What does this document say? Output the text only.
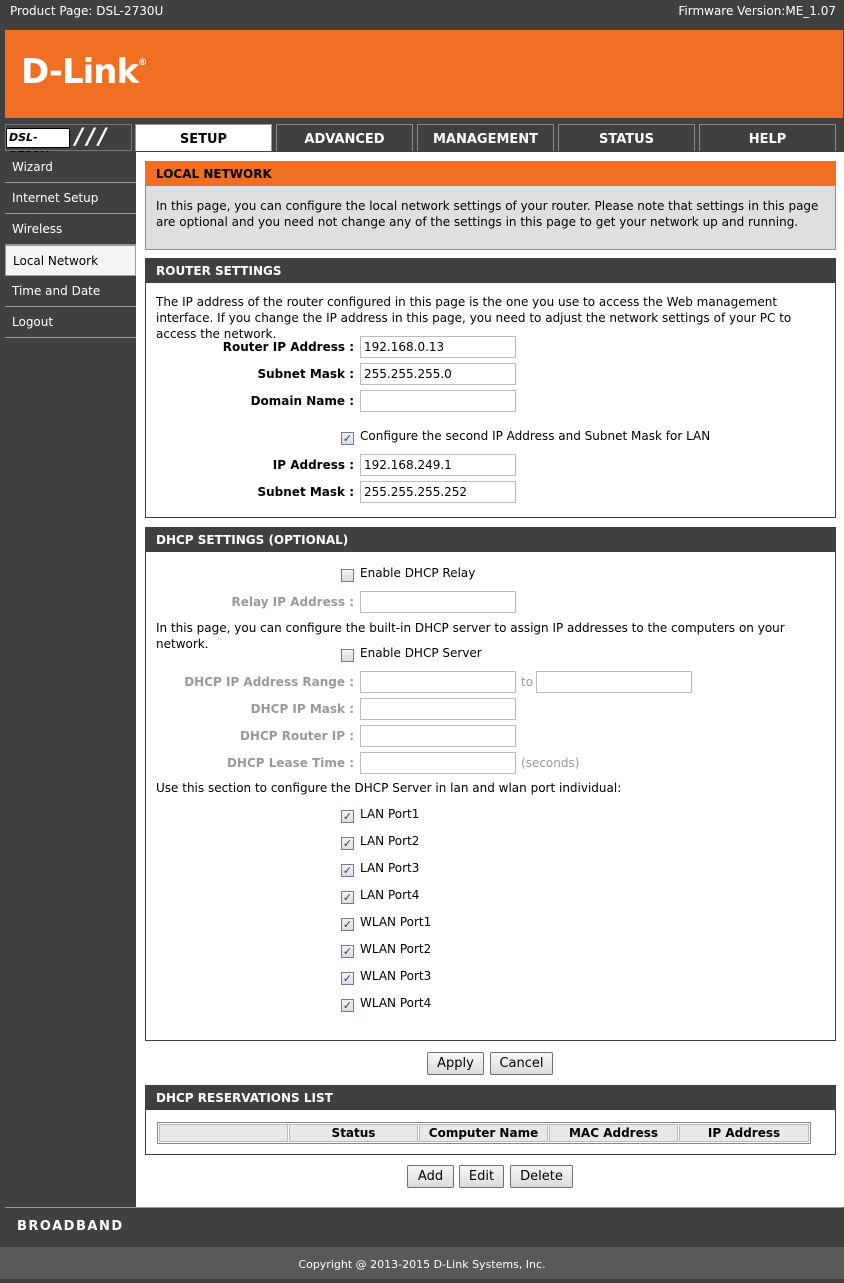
Product Page: DSL-2730U	Firmware Version:ME_1.07
D-Link®
DSL-	/ / /	SETUP	ADVANCED	MANAGEMENT	STATUS	HELP
Wizard
Internet Setup
Wireless
Local Network
Time and Date
Logout
LOCAL NETWORK
In this page, you can configure the local network settings of your router. Please note that settings in this page are optional and you need not change any of the settings in this page to get your network up and running.
ROUTER SETTINGS
The IP address of the router configured in this page is the one you use to access the Web management interface. If you change the IP address in this page, you need to adjust the network settings of your PC to access the network.
Router IP Address : 192.168.0.13
Subnet Mask : 255.255.255.0
Domain Name :
✓ Configure the second IP Address and Subnet Mask for LAN
IP Address : 192.168.249.1
Subnet Mask : 255.255.255.252
DHCP SETTINGS (OPTIONAL)
Enable DHCP Relay
Relay IP Address :
In this page, you can configure the built-in DHCP server to assign IP addresses to the computers on your network.
Enable DHCP Server
DHCP IP Address Range :	to
DHCP IP Mask :
DHCP Router IP :
DHCP Lease Time :	(seconds)
Use this section to configure the DHCP Server in lan and wlan port individual:
✓ LAN Port1
✓ LAN Port2
✓ LAN Port3
✓ LAN Port4
✓ WLAN Port1
✓ WLAN Port2
✓ WLAN Port3
✓ WLAN Port4
Apply	Cancel
DHCP RESERVATIONS LIST
Status	Computer Name	MAC Address	IP Address
Add	Edit	Delete
BROADBAND
Copyright @ 2013-2015 D-Link Systems, Inc.
